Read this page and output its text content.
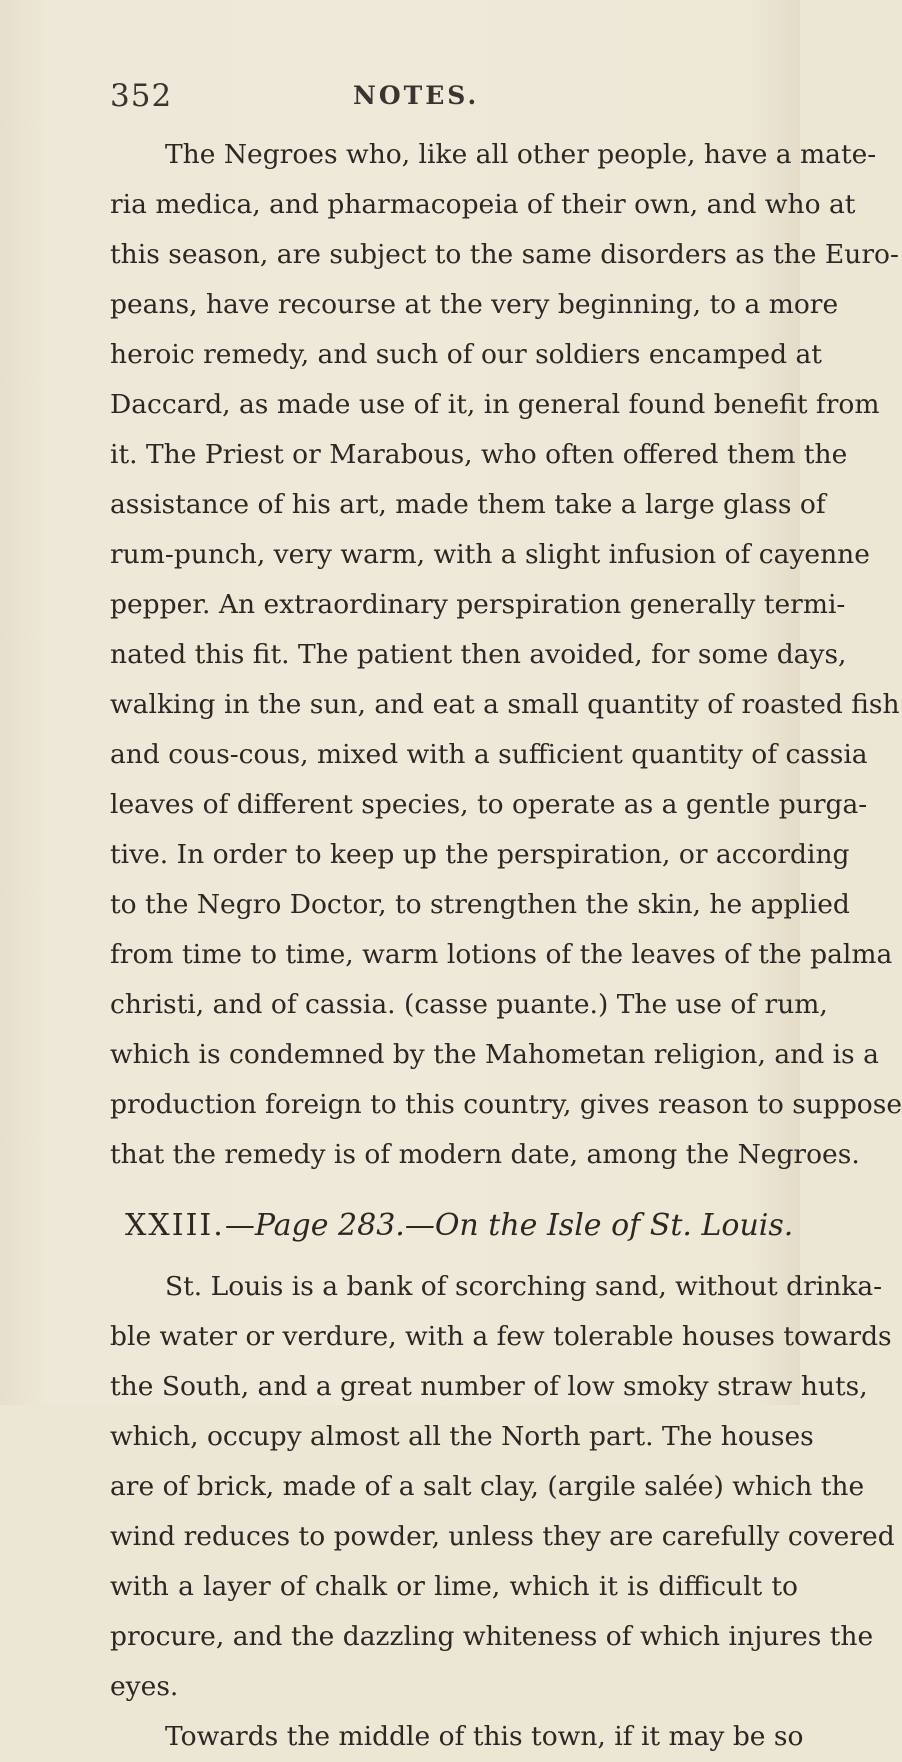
352	NOTES.
The Negroes who, like all other people, have a mate-
ria medica, and pharmacopeia of their own, and who at
this season, are subject to the same disorders as the Euro-
peans, have recourse at the very beginning, to a more
heroic remedy, and such of our soldiers encamped at
Daccard, as made use of it, in general found benefit from
it. The Priest or Marabous, who often offered them the
assistance of his art, made them take a large glass of
rum-punch, very warm, with a slight infusion of cayenne
pepper. An extraordinary perspiration generally termi-
nated this fit. The patient then avoided, for some days,
walking in the sun, and eat a small quantity of roasted fish
and cous-cous, mixed with a sufficient quantity of cassia
leaves of different species, to operate as a gentle purga-
tive. In order to keep up the perspiration, or according
to the Negro Doctor, to strengthen the skin, he applied
from time to time, warm lotions of the leaves of the palma
christi, and of cassia. (casse puante.) The use of rum,
which is condemned by the Mahometan religion, and is a
production foreign to this country, gives reason to suppose
that the remedy is of modern date, among the Negroes.
XXIII.—Page 283.—On the Isle of St. Louis.
St. Louis is a bank of scorching sand, without drinka-
ble water or verdure, with a few tolerable houses towards
the South, and a great number of low smoky straw huts,
which, occupy almost all the North part. The houses
are of brick, made of a salt clay, (argile salée) which the
wind reduces to powder, unless they are carefully covered
with a layer of chalk or lime, which it is difficult to
procure, and the dazzling whiteness of which injures the
eyes.
Towards the middle of this town, if it may be so
